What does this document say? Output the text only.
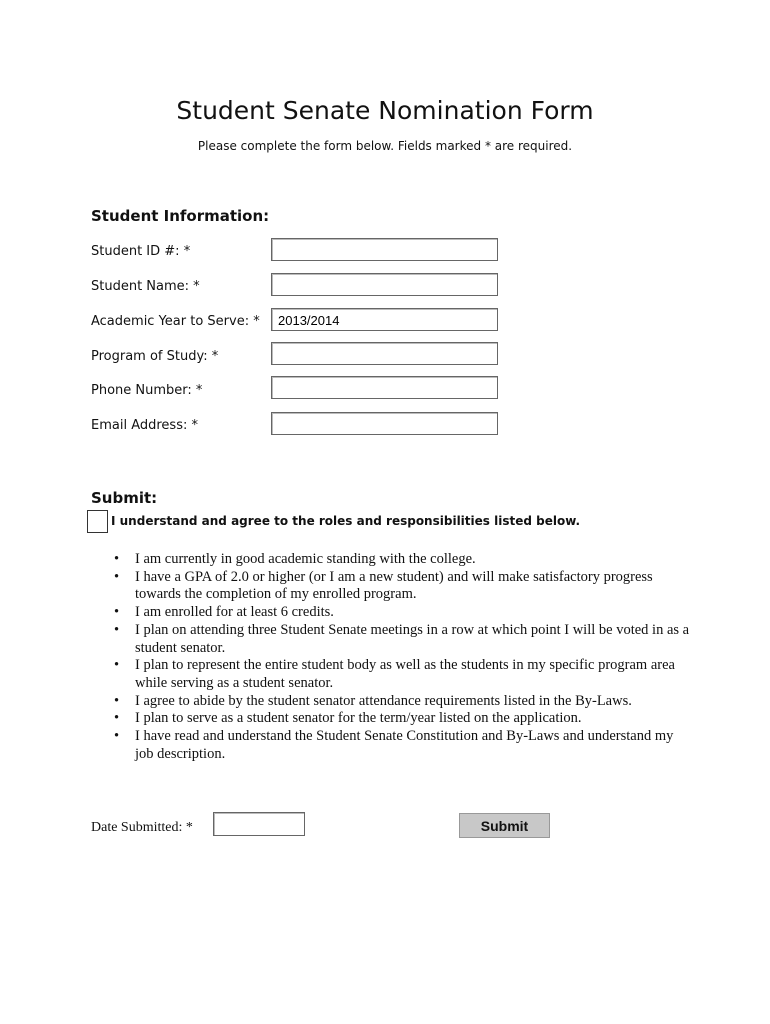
Student Senate Nomination Form
Please complete the form below. Fields marked * are required.
Student Information:
Student ID #: *
Student Name: *
Academic Year to Serve: *
2013/2014
Program of Study: *
Phone Number: *
Email Address: *
Submit:
I understand and agree to the roles and responsibilities listed below.
• I am currently in good academic standing with the college.
• I have a GPA of 2.0 or higher (or I am a new student) and will make satisfactory progress towards the completion of my enrolled program.
• I am enrolled for at least 6 credits.
• I plan on attending three Student Senate meetings in a row at which point I will be voted in as a student senator.
• I plan to represent the entire student body as well as the students in my specific program area while serving as a student senator.
• I agree to abide by the student senator attendance requirements listed in the By-Laws.
• I plan to serve as a student senator for the term/year listed on the application.
• I have read and understand the Student Senate Constitution and By-Laws and understand my job description.
Date Submitted: *	Submit
